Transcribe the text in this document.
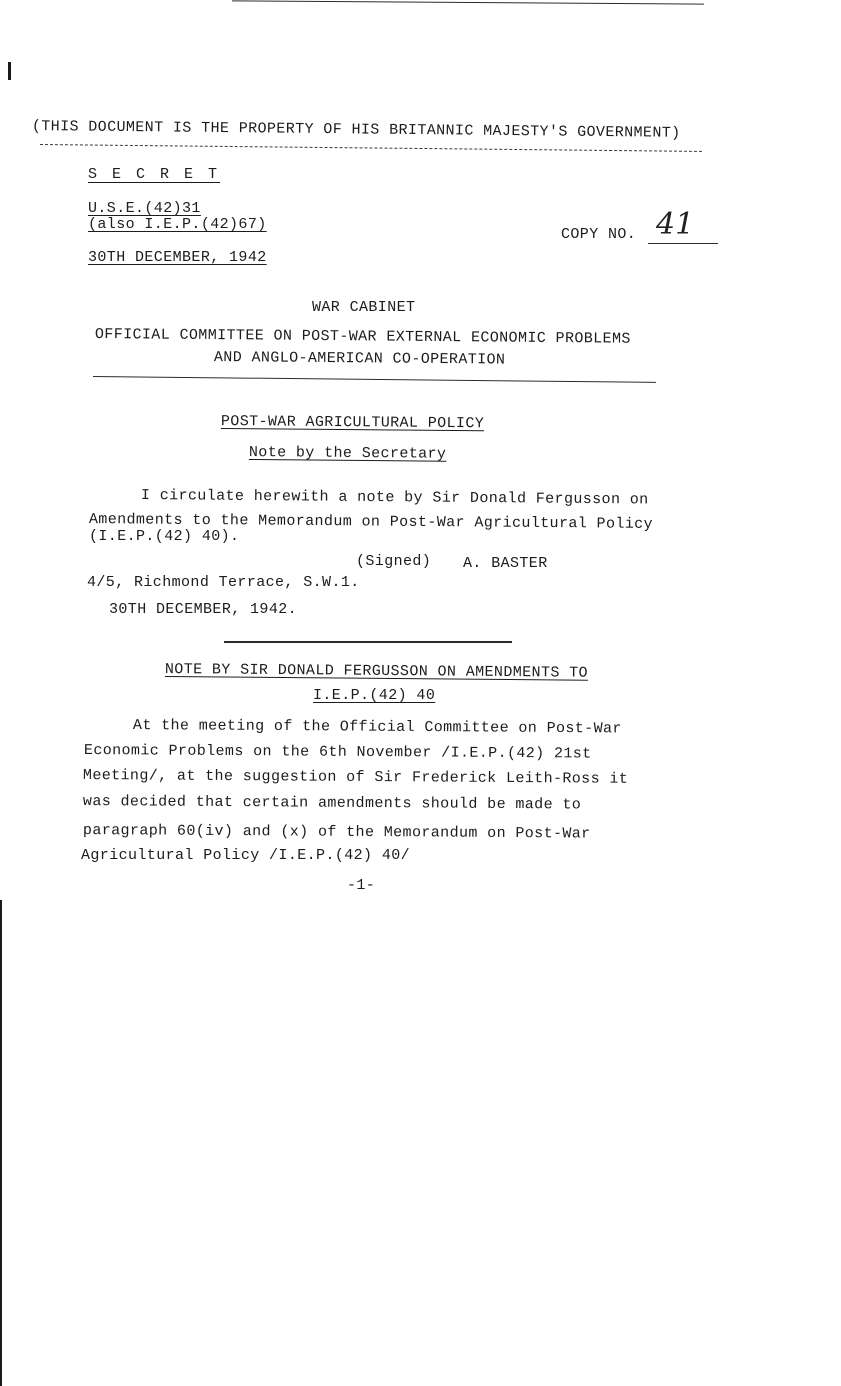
(THIS DOCUMENT IS THE PROPERTY OF HIS BRITANNIC MAJESTY'S GOVERNMENT)
S E C R E T
U.S.E.(42)31
(also I.E.P.(42)67)
30TH DECEMBER, 1942
COPY NO. 41
WAR CABINET
OFFICIAL COMMITTEE ON POST-WAR EXTERNAL ECONOMIC PROBLEMS
AND ANGLO-AMERICAN CO-OPERATION
POST-WAR AGRICULTURAL POLICY
Note by the Secretary
I circulate herewith a note by Sir Donald Fergusson on
Amendments to the Memorandum on Post-War Agricultural Policy
(I.E.P.(42) 40).
(Signed) A. BASTER
4/5, Richmond Terrace, S.W.1.
30TH DECEMBER, 1942.
NOTE BY SIR DONALD FERGUSSON ON AMENDMENTS TO
I.E.P.(42) 40
At the meeting of the Official Committee on Post-War
Economic Problems on the 6th November /I.E.P.(42) 21st
Meeting/, at the suggestion of Sir Frederick Leith-Ross it
was decided that certain amendments should be made to
paragraph 60(iv) and (x) of the Memorandum on Post-War
Agricultural Policy /I.E.P.(42) 40/
-1-
